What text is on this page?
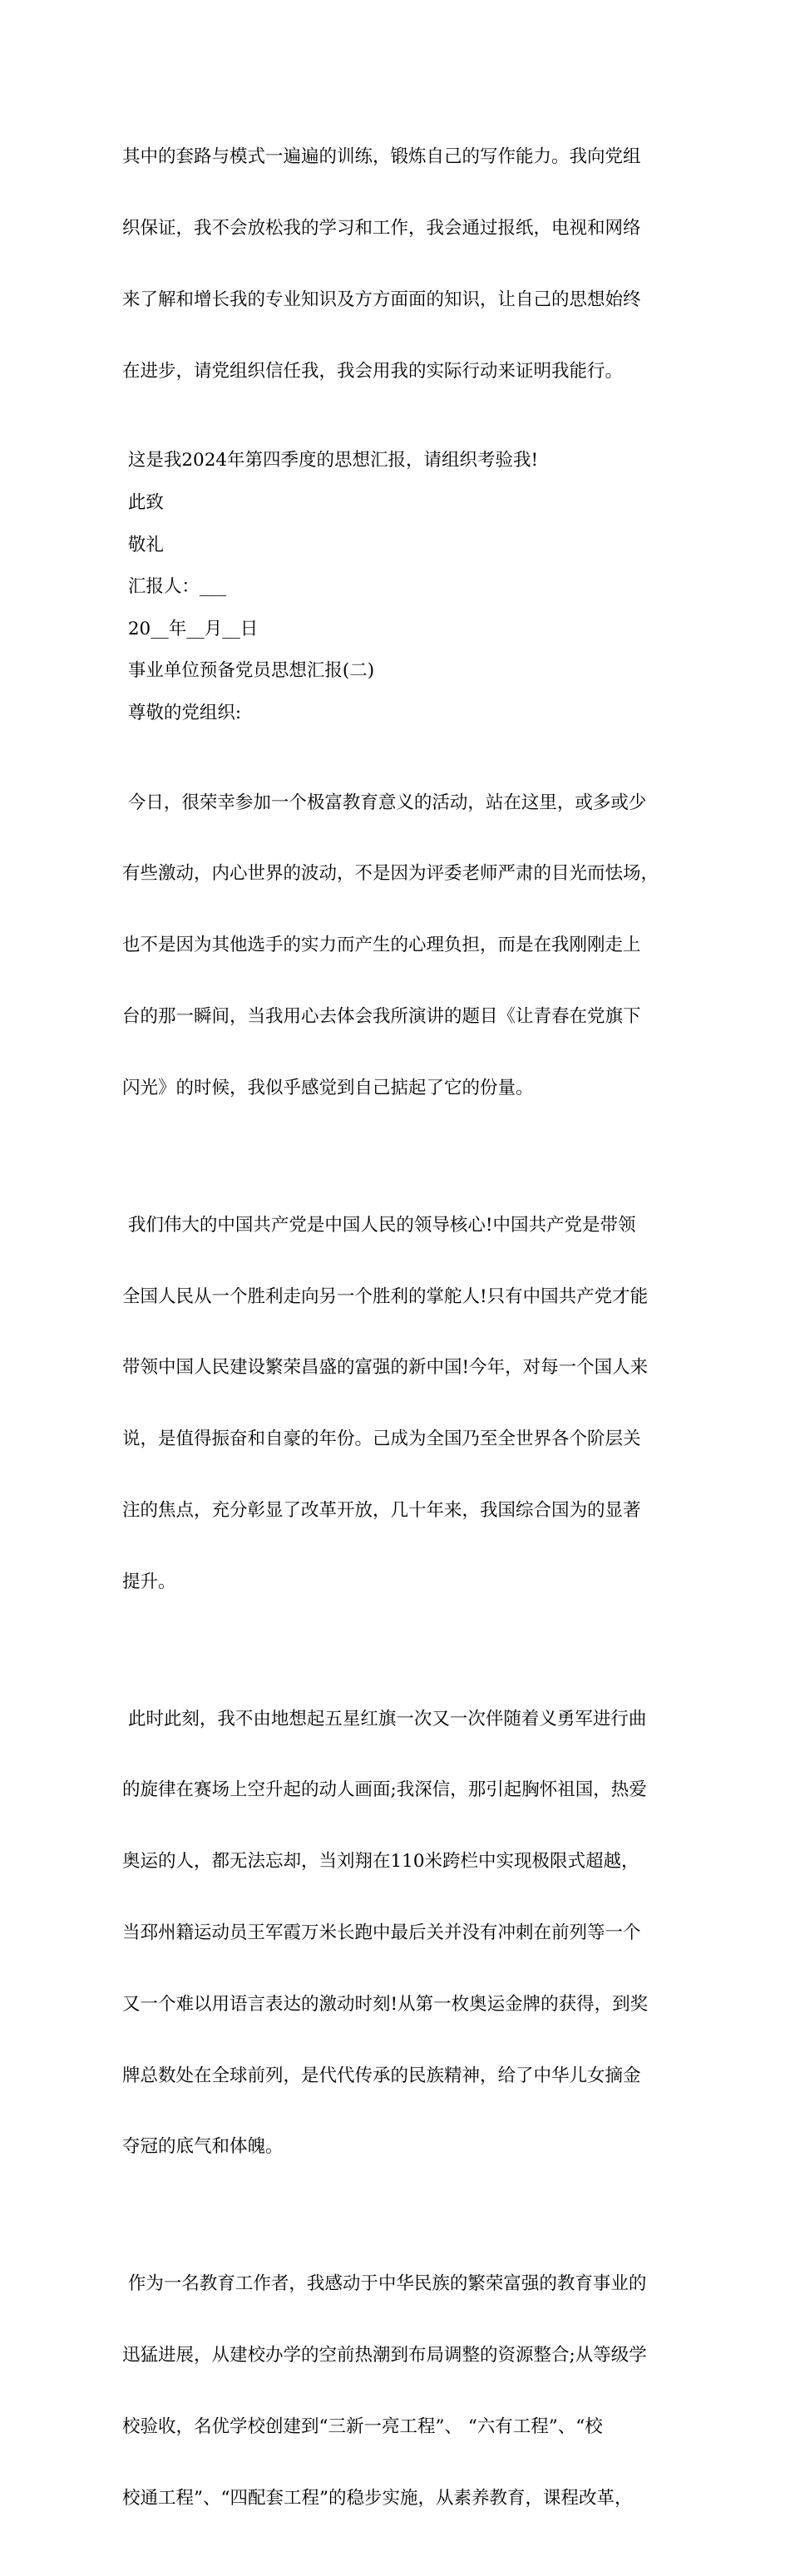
其中的套路与模式一遍遍的训练，锻炼自己的写作能力。我向党组

织保证，我不会放松我的学习和工作，我会通过报纸，电视和网络

来了解和增长我的专业知识及方方面面的知识，让自己的思想始终

在进步，请党组织信任我，我会用我的实际行动来证明我能行。

这是我2024年第四季度的思想汇报，请组织考验我!
此致
敬礼
汇报人：___
20__年__月__日
事业单位预备党员思想汇报(二)
尊敬的党组织:

今日，很荣幸参加一个极富教育意义的活动，站在这里，或多或少

有些激动，内心世界的波动，不是因为评委老师严肃的目光而怯场，

也不是因为其他选手的实力而产生的心理负担，而是在我刚刚走上

台的那一瞬间，当我用心去体会我所演讲的题目《让青春在党旗下

闪光》的时候，我似乎感觉到自己掂起了它的份量。

我们伟大的中国共产党是中国人民的领导核心!中国共产党是带领

全国人民从一个胜利走向另一个胜利的掌舵人!只有中国共产党才能

带领中国人民建设繁荣昌盛的富强的新中国!今年，对每一个国人来

说，是值得振奋和自豪的年份。己成为全国乃至全世界各个阶层关

注的焦点，充分彰显了改革开放，几十年来，我国综合国为的显著

提升。

此时此刻，我不由地想起五星红旗一次又一次伴随着义勇军进行曲

的旋律在赛场上空升起的动人画面;我深信，那引起胸怀祖国，热爱

奥运的人，都无法忘却，当刘翔在110米跨栏中实现极限式超越，

当邳州籍运动员王军霞万米长跑中最后关并没有冲刺在前列等一个

又一个难以用语言表达的激动时刻!从第一枚奥运金牌的获得，到奖

牌总数处在全球前列，是代代传承的民族精神，给了中华儿女摘金

夺冠的底气和体魄。

作为一名教育工作者，我感动于中华民族的繁荣富强的教育事业的

迅猛进展，从建校办学的空前热潮到布局调整的资源整合;从等级学

校验收，名优学校创建到“三新一亮工程”、 “六有工程”、“校

校通工程”、“四配套工程”的稳步实施，从素养教育，课程改革，
